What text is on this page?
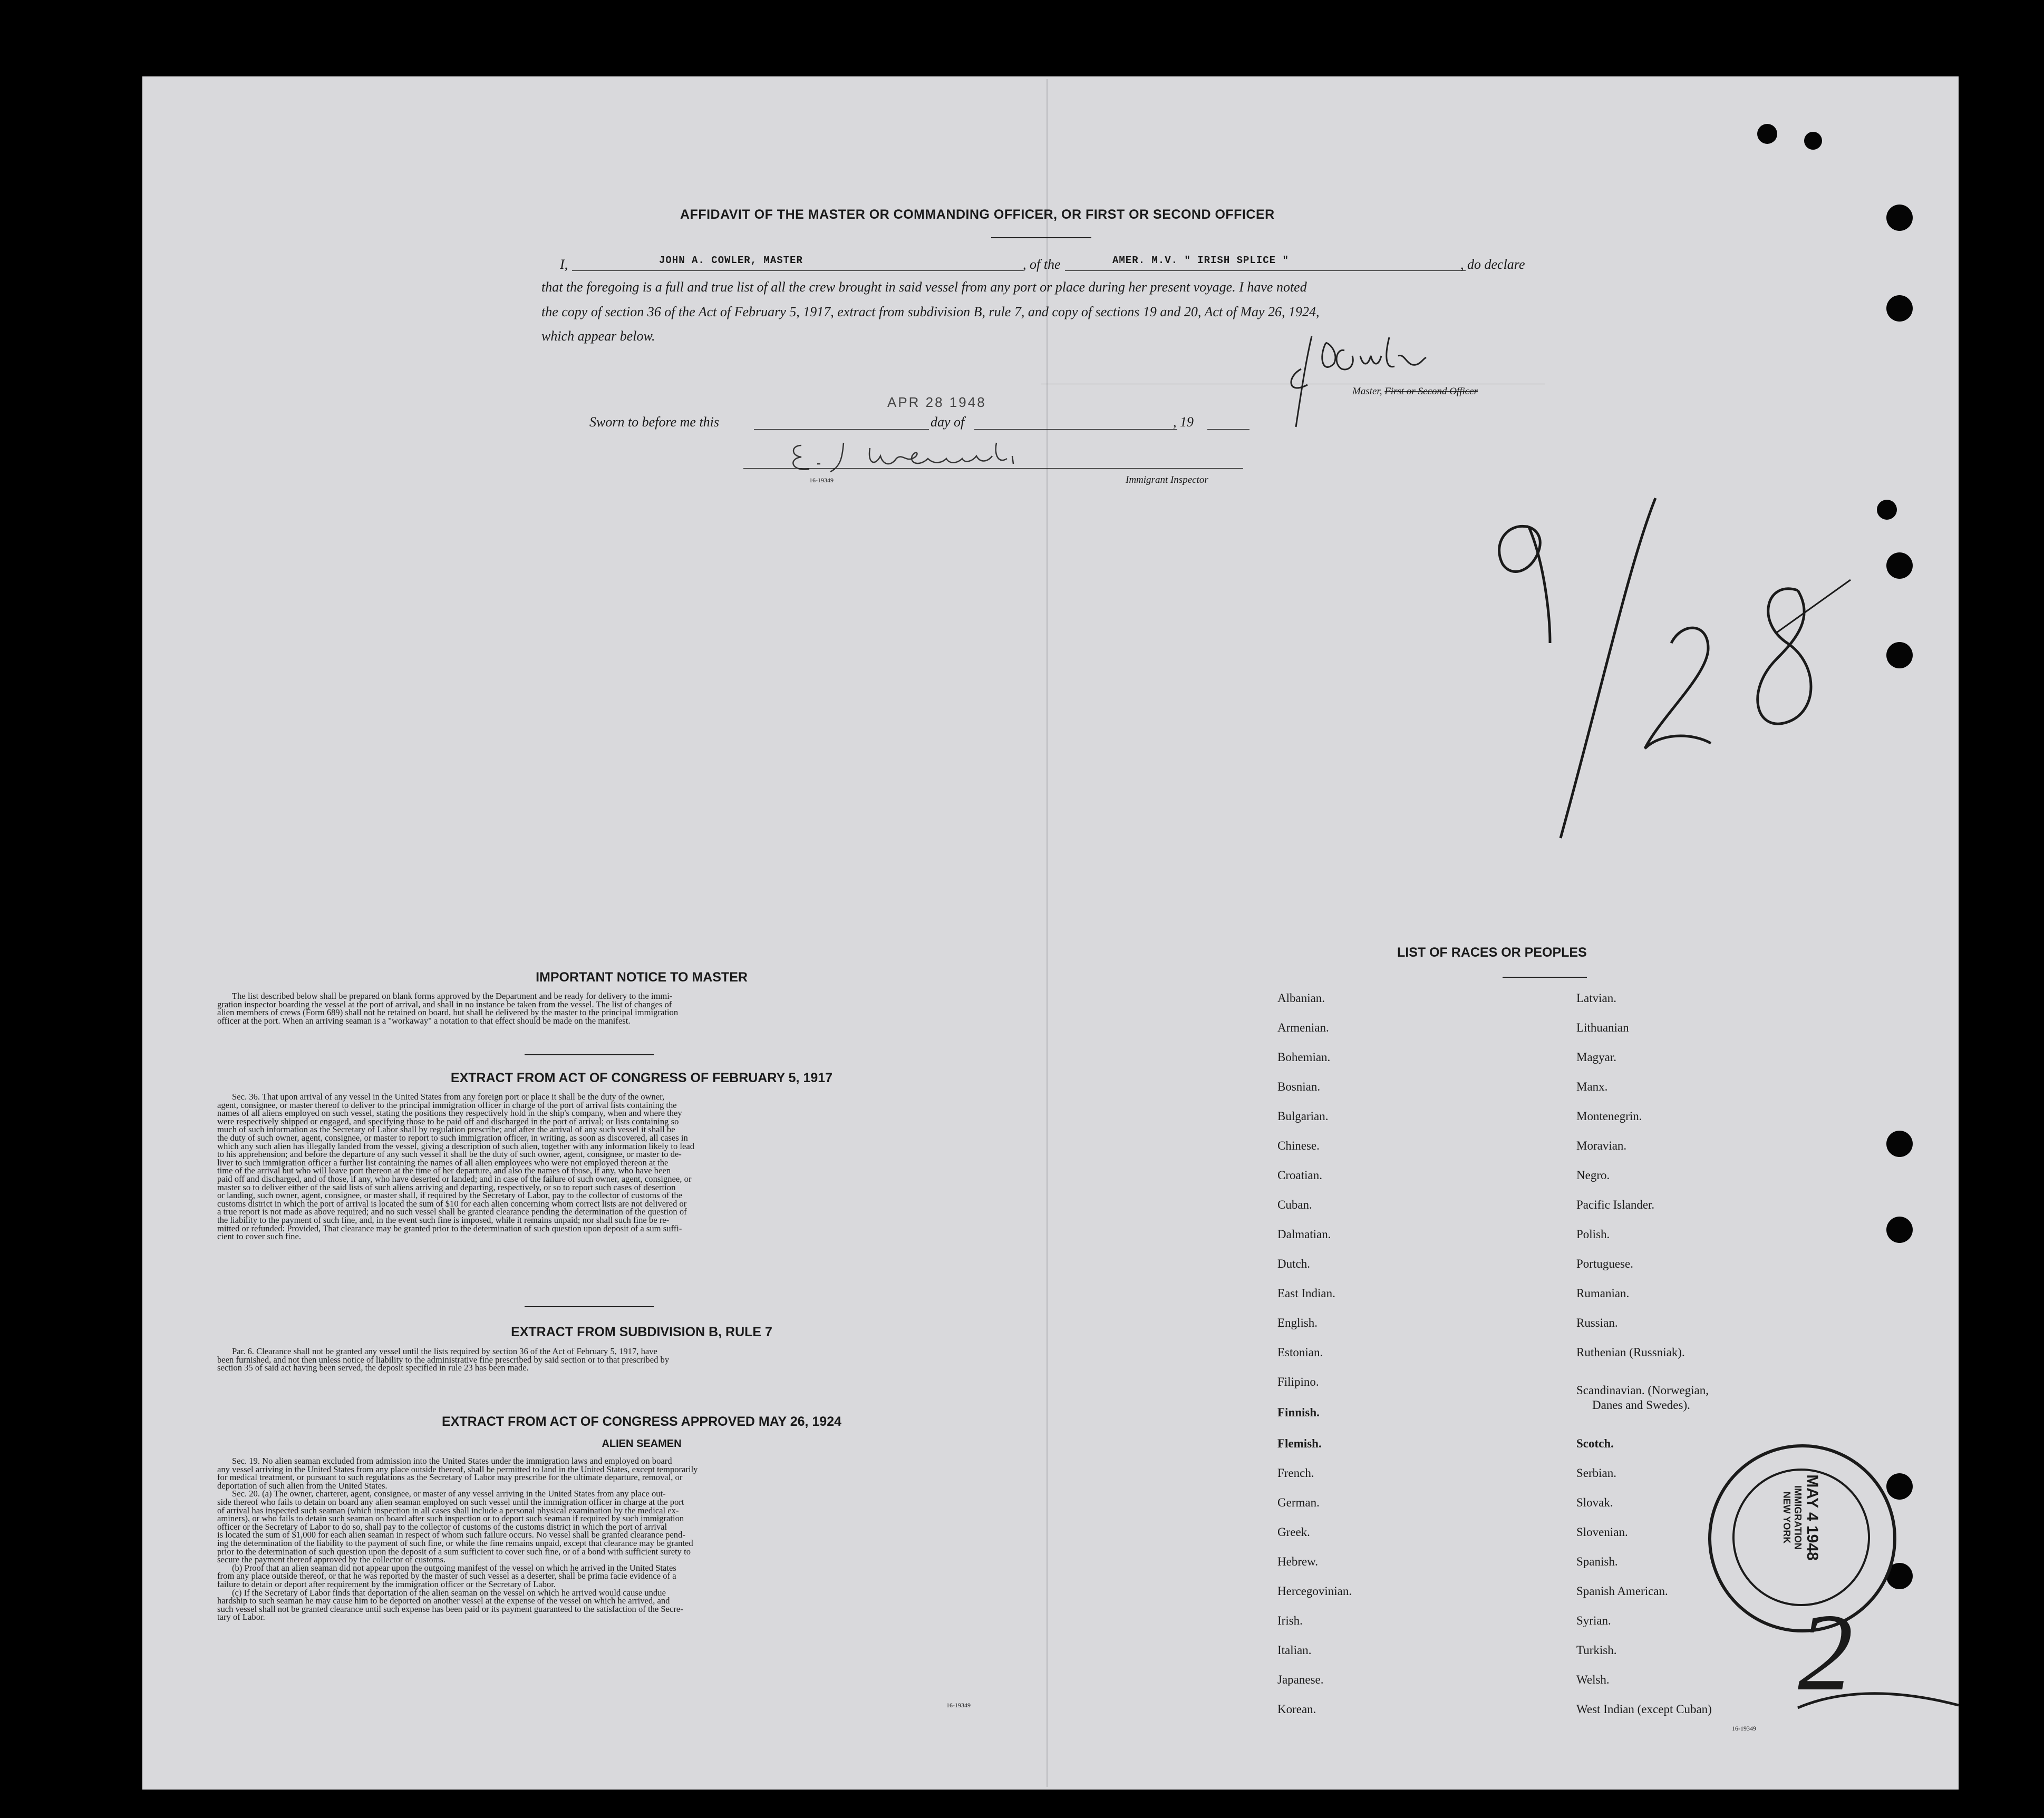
AFFIDAVIT OF THE MASTER OR COMMANDING OFFICER, OR FIRST OR SECOND OFFICER
I,	JOHN A. COWLER, MASTER	, of the	AMER. M.V. " IRISH SPLICE "	, do declare
that the foregoing is a full and true list of all the crew brought in said vessel from any port or place during her present voyage. I have noted
the copy of section 36 of the Act of February 5, 1917, extract from subdivision B, rule 7, and copy of sections 19 and 20, Act of May 26, 1924,
which appear below.
Master, First or Second Officer
APR 28 1948
Sworn to before me this	day of	, 19
16-19349	Immigrant Inspector
IMPORTANT NOTICE TO MASTER
The list described below shall be prepared on blank forms approved by the Department and be ready for delivery to the immi-
gration inspector boarding the vessel at the port of arrival, and shall in no instance be taken from the vessel. The list of changes of
alien members of crews (Form 689) shall not be retained on board, but shall be delivered by the master to the principal immigration
officer at the port. When an arriving seaman is a "workaway" a notation to that effect should be made on the manifest.
EXTRACT FROM ACT OF CONGRESS OF FEBRUARY 5, 1917
Sec. 36. That upon arrival of any vessel in the United States from any foreign port or place it shall be the duty of the owner,
agent, consignee, or master thereof to deliver to the principal immigration officer in charge of the port of arrival lists containing the
names of all aliens employed on such vessel, stating the positions they respectively hold in the ship's company, when and where they
were respectively shipped or engaged, and specifying those to be paid off and discharged in the port of arrival; or lists containing so
much of such information as the Secretary of Labor shall by regulation prescribe; and after the arrival of any such vessel it shall be
the duty of such owner, agent, consignee, or master to report to such immigration officer, in writing, as soon as discovered, all cases in
which any such alien has illegally landed from the vessel, giving a description of such alien, together with any information likely to lead
to his apprehension; and before the departure of any such vessel it shall be the duty of such owner, agent, consignee, or master to de-
liver to such immigration officer a further list containing the names of all alien employees who were not employed thereon at the
time of the arrival but who will leave port thereon at the time of her departure, and also the names of those, if any, who have been
paid off and discharged, and of those, if any, who have deserted or landed; and in case of the failure of such owner, agent, consignee, or
master so to deliver either of the said lists of such aliens arriving and departing, respectively, or so to report such cases of desertion
or landing, such owner, agent, consignee, or master shall, if required by the Secretary of Labor, pay to the collector of customs of the
customs district in which the port of arrival is located the sum of $10 for each alien concerning whom correct lists are not delivered or
a true report is not made as above required; and no such vessel shall be granted clearance pending the determination of the question of
the liability to the payment of such fine, and, in the event such fine is imposed, while it remains unpaid; nor shall such fine be re-
mitted or refunded: Provided, That clearance may be granted prior to the determination of such question upon deposit of a sum suffi-
cient to cover such fine.
EXTRACT FROM SUBDIVISION B, RULE 7
Par. 6. Clearance shall not be granted any vessel until the lists required by section 36 of the Act of February 5, 1917, have
been furnished, and not then unless notice of liability to the administrative fine prescribed by said section or to that prescribed by
section 35 of said act having been served, the deposit specified in rule 23 has been made.
EXTRACT FROM ACT OF CONGRESS APPROVED MAY 26, 1924
ALIEN SEAMEN
Sec. 19. No alien seaman excluded from admission into the United States under the immigration laws and employed on board
any vessel arriving in the United States from any place outside thereof, shall be permitted to land in the United States, except temporarily
for medical treatment, or pursuant to such regulations as the Secretary of Labor may prescribe for the ultimate departure, removal, or
deportation of such alien from the United States.
Sec. 20. (a) The owner, charterer, agent, consignee, or master of any vessel arriving in the United States from any place out-
side thereof who fails to detain on board any alien seaman employed on such vessel until the immigration officer in charge at the port
of arrival has inspected such seaman (which inspection in all cases shall include a personal physical examination by the medical ex-
aminers), or who fails to detain such seaman on board after such inspection or to deport such seaman if required by such immigration
officer or the Secretary of Labor to do so, shall pay to the collector of customs of the customs district in which the port of arrival
is located the sum of $1,000 for each alien seaman in respect of whom such failure occurs. No vessel shall be granted clearance pend-
ing the determination of the liability to the payment of such fine, or while the fine remains unpaid, except that clearance may be granted
prior to the determination of such question upon the deposit of a sum sufficient to cover such fine, or of a bond with sufficient surety to
secure the payment thereof approved by the collector of customs.
(b) Proof that an alien seaman did not appear upon the outgoing manifest of the vessel on which he arrived in the United States
from any place outside thereof, or that he was reported by the master of such vessel as a deserter, shall be prima facie evidence of a
failure to detain or deport after requirement by the immigration officer or the Secretary of Labor.
(c) If the Secretary of Labor finds that deportation of the alien seaman on the vessel on which he arrived would cause undue
hardship to such seaman he may cause him to be deported on another vessel at the expense of the vessel on which he arrived, and
such vessel shall not be granted clearance until such expense has been paid or its payment guaranteed to the satisfaction of the Secre-
tary of Labor.
16-19349
LIST OF RACES OR PEOPLES
Albanian.
Armenian.
Bohemian.
Bosnian.
Bulgarian.
Chinese.
Croatian.
Cuban.
Dalmatian.
Dutch.
East Indian.
English.
Estonian.
Filipino.
Finnish.
Flemish.
French.
German.
Greek.
Hebrew.
Hercegovinian.
Irish.
Italian.
Japanese.
Korean.
Latvian.
Lithuanian
Magyar.
Manx.
Montenegrin.
Moravian.
Negro.
Pacific Islander.
Polish.
Portuguese.
Rumanian.
Russian.
Ruthenian (Russniak).
Scandinavian. (Norwegian,
Danes and Swedes).
Scotch.
Serbian.
Slovak.
Slovenian.
Spanish.
Spanish American.
Syrian.
Turkish.
Welsh.
West Indian (except Cuban)
16-19349
MAY 4 1948
IMMIGRATION
NEW YORK
2
